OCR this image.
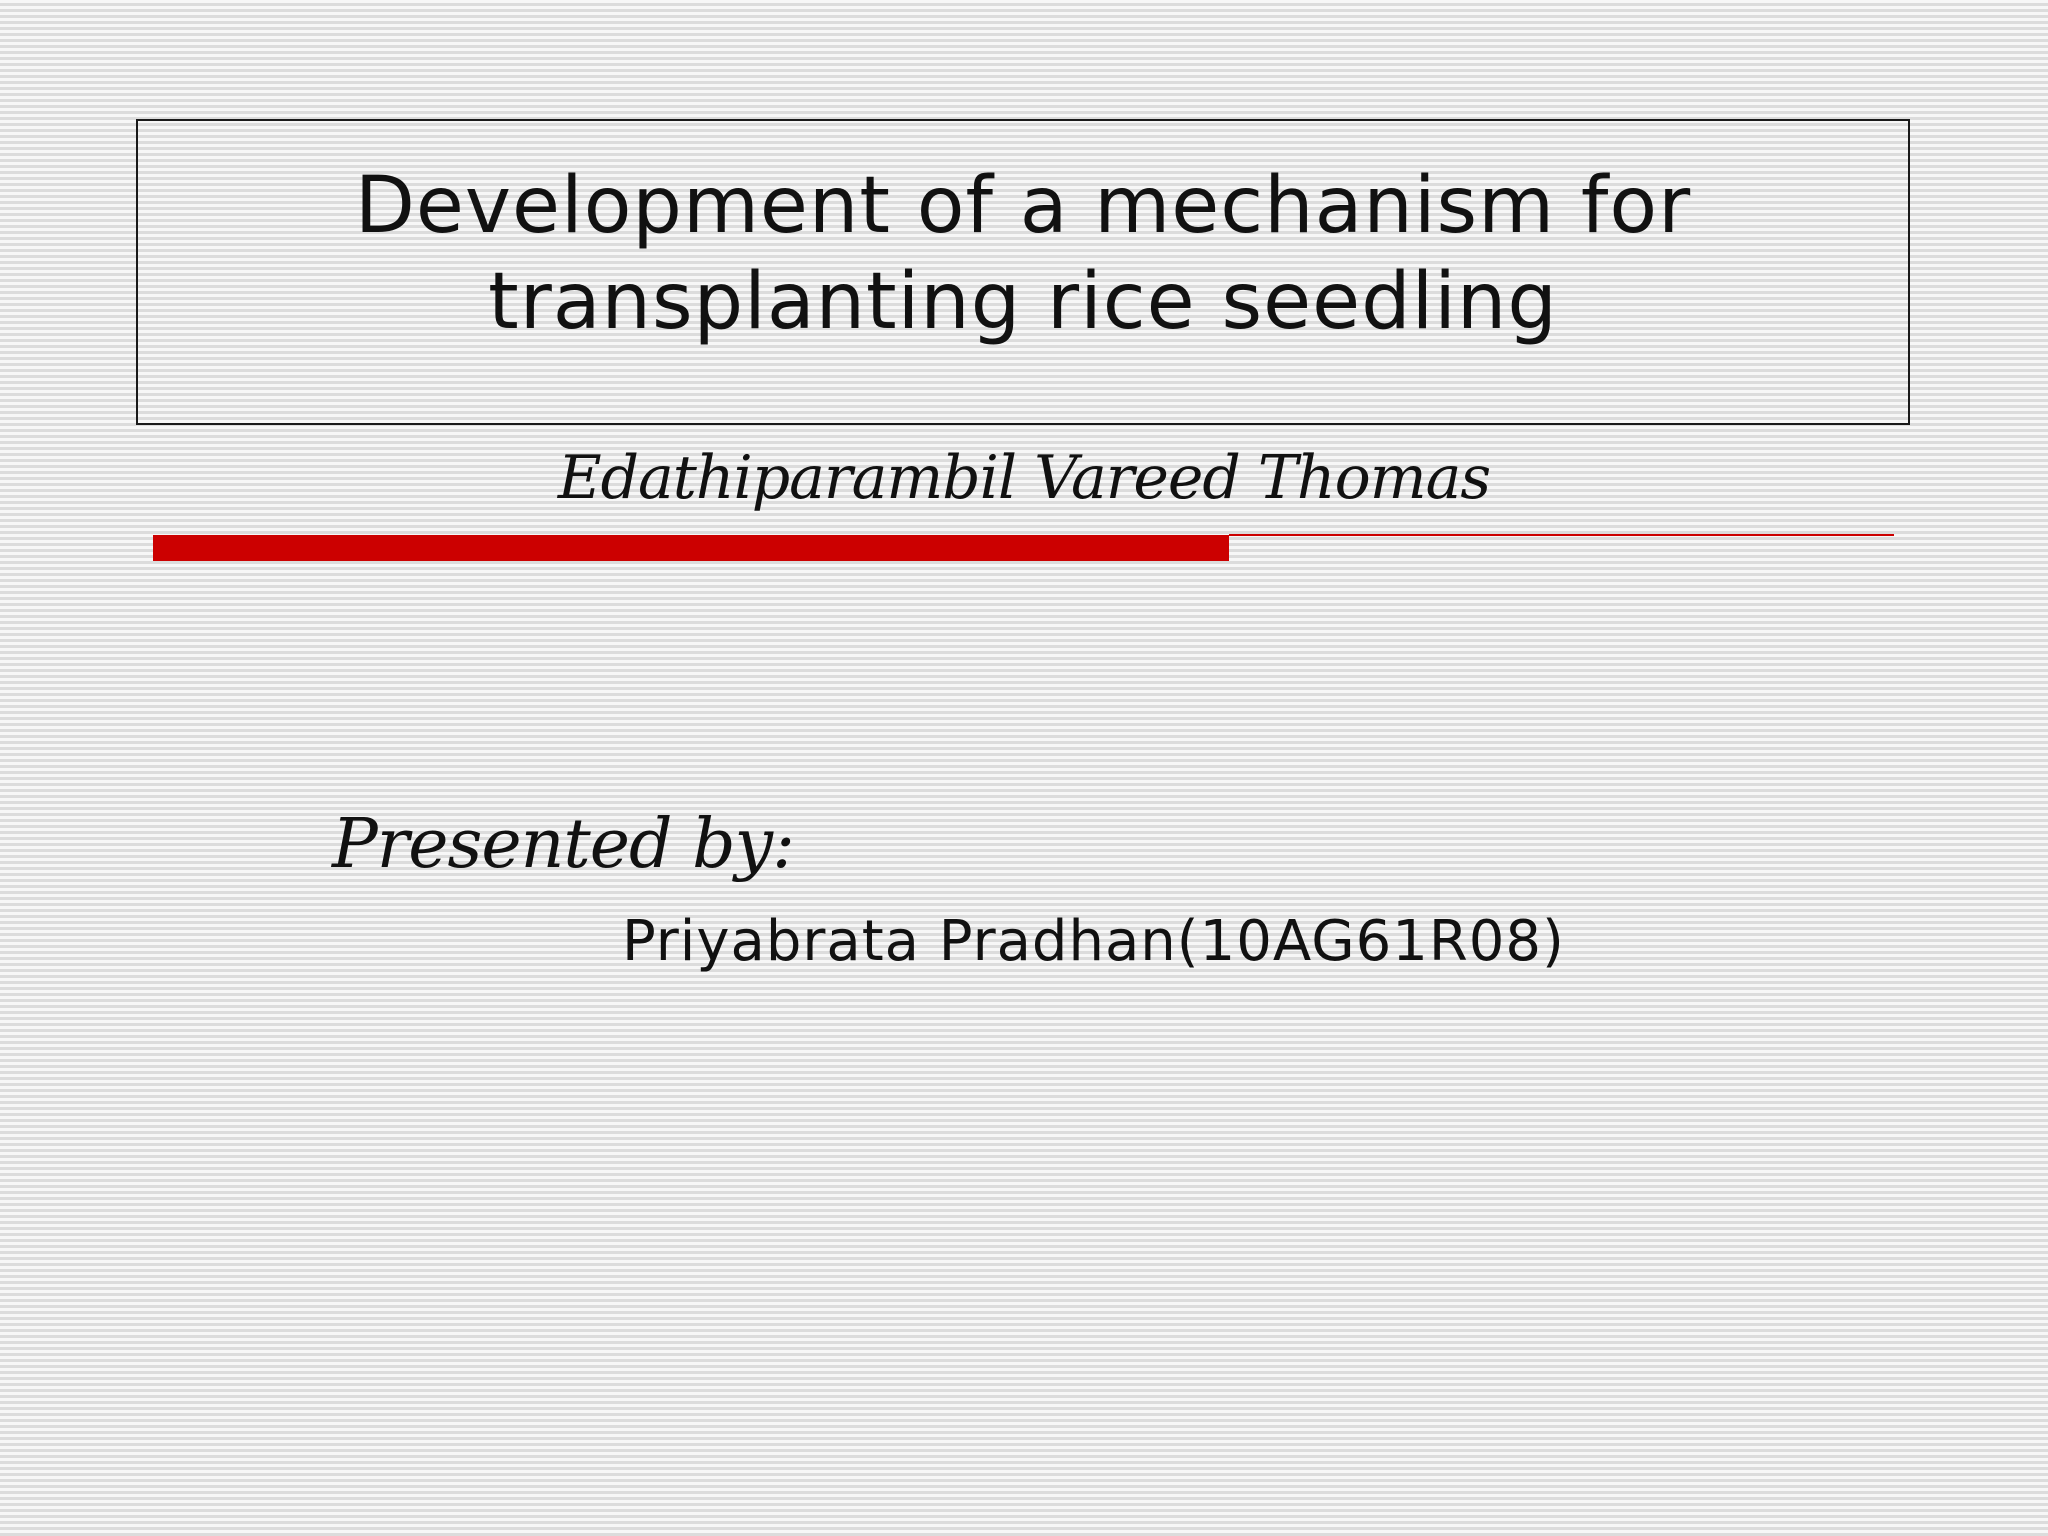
Development of a mechanism for
transplanting rice seedling
Edathiparambil Vareed Thomas
Presented by:
Priyabrata Pradhan(10AG61R08)
